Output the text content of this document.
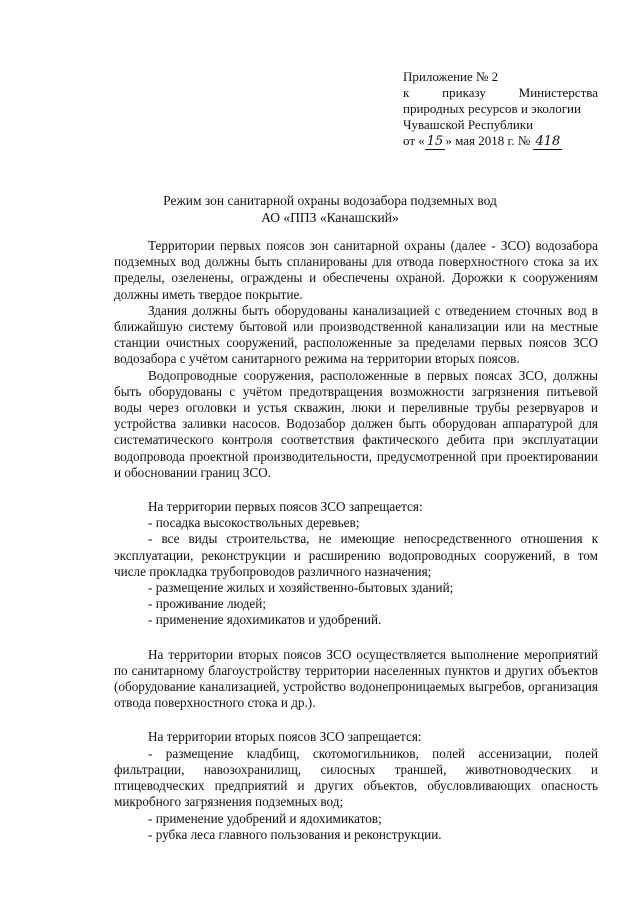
Приложение № 2
к	приказу	Министерства
природных ресурсов и экологии
Чувашской Республики
от « 15 » мая 2018 г. № 418
Режим зон санитарной охраны водозабора подземных вод
АО «ППЗ «Канашский»

Территории первых поясов зон санитарной охраны (далее - ЗСО) водозабора подземных вод должны быть спланированы для отвода поверхностного стока за их пределы, озеленены, ограждены и обеспечены охраной. Дорожки к сооружениям должны иметь твердое покрытие.

Здания должны быть оборудованы канализацией с отведением сточных вод в ближайшую систему бытовой или производственной канализации или на местные станции очистных сооружений, расположенные за пределами первых поясов ЗСО водозабора с учётом санитарного режима на территории вторых поясов.

Водопроводные сооружения, расположенные в первых поясах ЗСО, должны быть оборудованы с учётом предотвращения возможности загрязнения питьевой воды через оголовки и устья скважин, люки и переливные трубы резервуаров и устройства заливки насосов. Водозабор должен быть оборудован аппаратурой для систематического контроля соответствия фактического дебита при эксплуатации водопровода проектной производительности, предусмотренной при проектировании и обосновании границ ЗСО.

На территории первых поясов ЗСО запрещается:

- посадка высокоствольных деревьев;

- все виды строительства, не имеющие непосредственного отношения к эксплуатации, реконструкции и расширению водопроводных сооружений, в том числе прокладка трубопроводов различного назначения;

- размещение жилых и хозяйственно-бытовых зданий;

- проживание людей;

- применение ядохимикатов и удобрений.

На территории вторых поясов ЗСО осуществляется выполнение мероприятий по санитарному благоустройству территории населенных пунктов и других объектов (оборудование канализацией, устройство водонепроницаемых выгребов, организация отвода поверхностного стока и др.).

На территории вторых поясов ЗСО запрещается:

- размещение кладбищ, скотомогильников, полей ассенизации, полей фильтрации, навозохранилищ, силосных траншей, животноводческих и птицеводческих предприятий и других объектов, обусловливающих опасность микробного загрязнения подземных вод;

- применение удобрений и ядохимикатов;

- рубка леса главного пользования и реконструкции.
